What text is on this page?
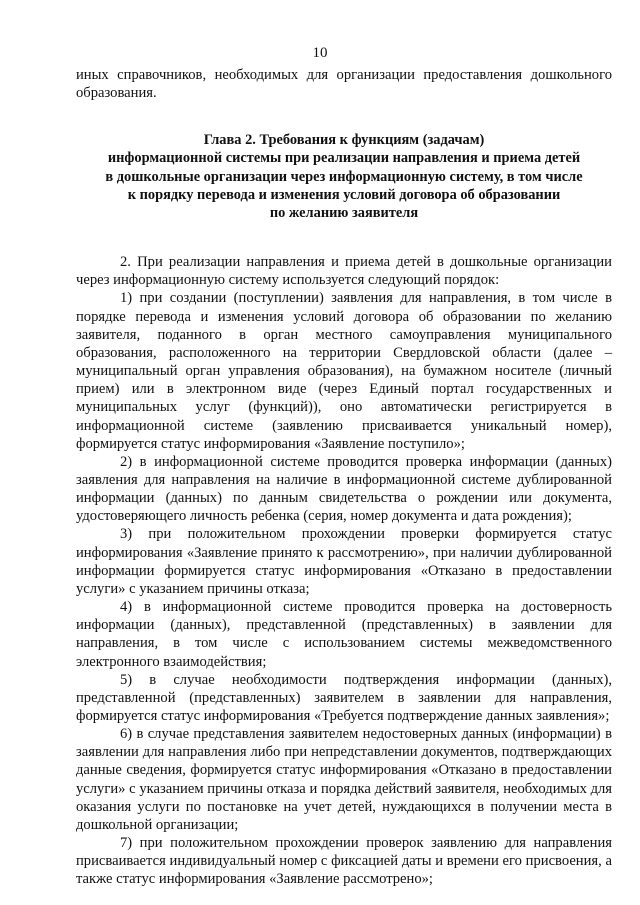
10

иных справочников, необходимых для организации предоставления дошкольного образования.

Глава 2. Требования к функциям (задачам)
информационной системы при реализации направления и приема детей
в дошкольные организации через информационную систему, в том числе
к порядку перевода и изменения условий договора об образовании
по желанию заявителя

2. При реализации направления и приема детей в дошкольные организации через информационную систему используется следующий порядок:

1) при создании (поступлении) заявления для направления, в том числе в порядке перевода и изменения условий договора об образовании по желанию заявителя, поданного в орган местного самоуправления муниципального образования, расположенного на территории Свердловской области (далее – муниципальный орган управления образования), на бумажном носителе (личный прием) или в электронном виде (через Единый портал государственных и муниципальных услуг (функций)), оно автоматически регистрируется в информационной системе (заявлению присваивается уникальный номер), формируется статус информирования «Заявление поступило»;

2) в информационной системе проводится проверка информации (данных) заявления для направления на наличие в информационной системе дублированной информации (данных) по данным свидетельства о рождении или документа, удостоверяющего личность ребенка (серия, номер документа и дата рождения);

3) при положительном прохождении проверки формируется статус информирования «Заявление принято к рассмотрению», при наличии дублированной информации формируется статус информирования «Отказано в предоставлении услуги» с указанием причины отказа;

4) в информационной системе проводится проверка на достоверность информации (данных), представленной (представленных) в заявлении для направления, в том числе с использованием системы межведомственного электронного взаимодействия;

5) в случае необходимости подтверждения информации (данных), представленной (представленных) заявителем в заявлении для направления, формируется статус информирования «Требуется подтверждение данных заявления»;

6) в случае представления заявителем недостоверных данных (информации) в заявлении для направления либо при непредставлении документов, подтверждающих данные сведения, формируется статус информирования «Отказано в предоставлении услуги» с указанием причины отказа и порядка действий заявителя, необходимых для оказания услуги по постановке на учет детей, нуждающихся в получении места в дошкольной организации;

7) при положительном прохождении проверок заявлению для направления присваивается индивидуальный номер с фиксацией даты и времени его присвоения, а также статус информирования «Заявление рассмотрено»;
